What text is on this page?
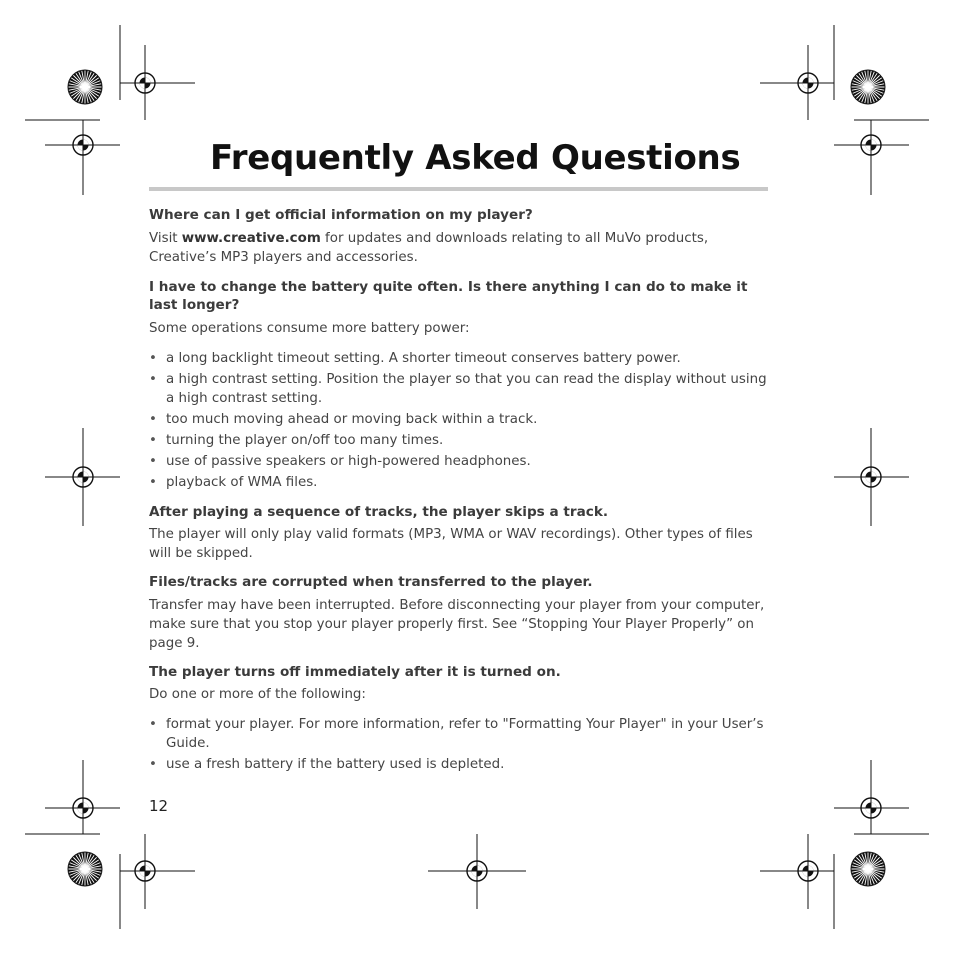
Frequently Asked Questions

Where can I get official information on my player?

Visit www.creative.com for updates and downloads relating to all MuVo products, Creative’s MP3 players and accessories.

I have to change the battery quite often. Is there anything I can do to make it last longer?

Some operations consume more battery power:

• a long backlight timeout setting. A shorter timeout conserves battery power.
• a high contrast setting. Position the player so that you can read the display without using a high contrast setting.
• too much moving ahead or moving back within a track.
• turning the player on/off too many times.
• use of passive speakers or high-powered headphones.
• playback of WMA files.

After playing a sequence of tracks, the player skips a track.

The player will only play valid formats (MP3, WMA or WAV recordings). Other types of files will be skipped.

Files/tracks are corrupted when transferred to the player.

Transfer may have been interrupted. Before disconnecting your player from your computer, make sure that you stop your player properly first. See “Stopping Your Player Properly” on page 9.

The player turns off immediately after it is turned on.

Do one or more of the following:

• format your player. For more information, refer to "Formatting Your Player" in your User’s Guide.
• use a fresh battery if the battery used is depleted.
12
